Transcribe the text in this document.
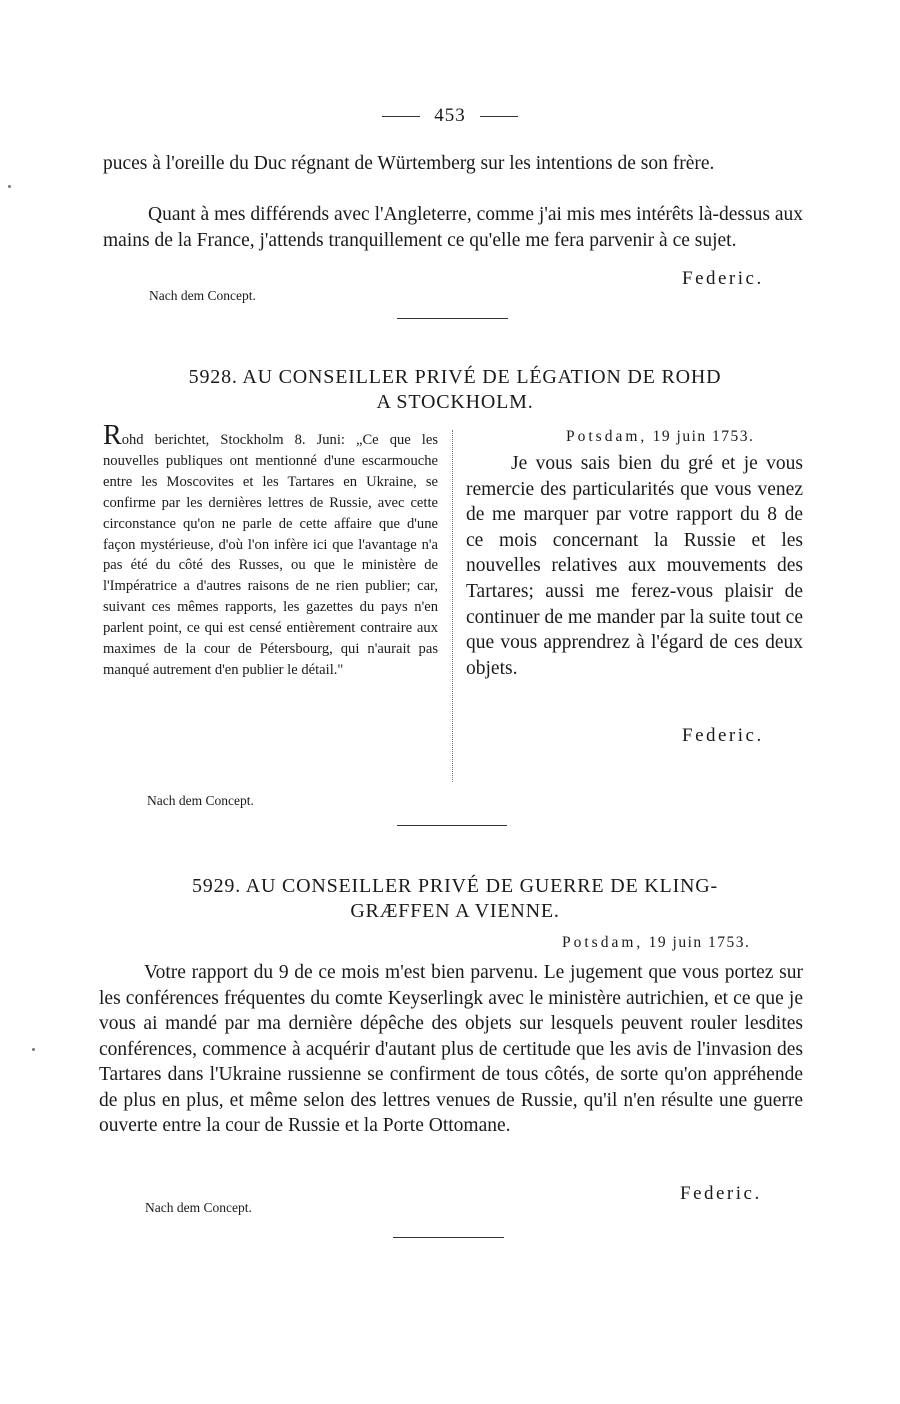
453
puces à l'oreille du Duc régnant de Würtemberg sur les intentions de son frère.
Quant à mes différends avec l'Angleterre, comme j'ai mis mes intérêts là-dessus aux mains de la France, j'attends tranquillement ce qu'elle me fera parvenir à ce sujet.
Federic.
Nach dem Concept.
5928. AU CONSEILLER PRIVÉ DE LÉGATION DE ROHD
A STOCKHOLM.
Rohd berichtet, Stockholm 8. Juni: „Ce que les nouvelles publiques ont mentionné d'une escarmouche entre les Moscovites et les Tartares en Ukraine, se confirme par les dernières lettres de Russie, avec cette circonstance qu'on ne parle de cette affaire que d'une façon mystérieuse, d'où l'on infère ici que l'avantage n'a pas été du côté des Russes, ou que le ministère de l'Impératrice a d'autres raisons de ne rien publier; car, suivant ces mêmes rapports, les gazettes du pays n'en parlent point, ce qui est censé entièrement contraire aux maximes de la cour de Pétersbourg, qui n'aurait pas manqué autrement d'en publier le détail."
Potsdam, 19 juin 1753.
Je vous sais bien du gré et je vous remercie des particularités que vous venez de me marquer par votre rapport du 8 de ce mois concernant la Russie et les nouvelles relatives aux mouvements des Tartares; aussi me ferez-vous plaisir de continuer de me mander par la suite tout ce que vous apprendrez à l'égard de ces deux objets.
Federic.
Nach dem Concept.
5929. AU CONSEILLER PRIVÉ DE GUERRE DE KLING-
GRÆFFEN A VIENNE.
Potsdam, 19 juin 1753.
Votre rapport du 9 de ce mois m'est bien parvenu. Le jugement que vous portez sur les conférences fréquentes du comte Keyserlingk avec le ministère autrichien, et ce que je vous ai mandé par ma dernière dépêche des objets sur lesquels peuvent rouler lesdites conférences, commence à acquérir d'autant plus de certitude que les avis de l'invasion des Tartares dans l'Ukraine russienne se confirment de tous côtés, de sorte qu'on appréhende de plus en plus, et même selon des lettres venues de Russie, qu'il n'en résulte une guerre ouverte entre la cour de Russie et la Porte Ottomane.
Federic.
Nach dem Concept.
